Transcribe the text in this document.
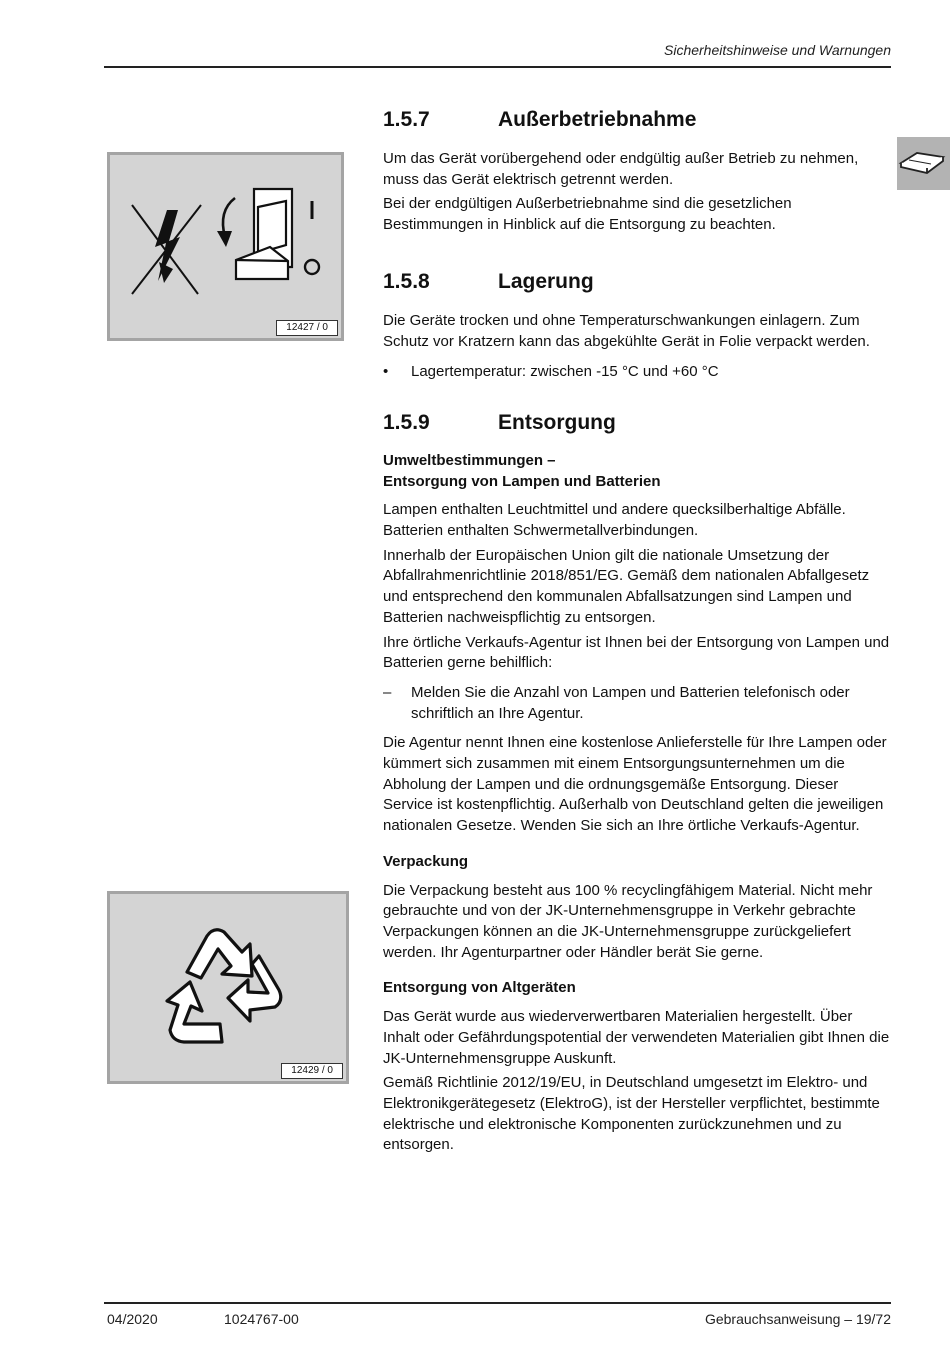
Sicherheitshinweise und Warnungen
12427 / 0
12429 / 0
1.5.7	Außerbetriebnahme

Um das Gerät vorübergehend oder endgültig außer Betrieb zu nehmen, muss das Gerät elektrisch getrennt werden.

Bei der endgültigen Außerbetriebnahme sind die gesetzlichen Bestimmungen in Hinblick auf die Entsorgung zu beachten.

1.5.8	Lagerung

Die Geräte trocken und ohne Temperaturschwankungen einlagern. Zum Schutz vor Kratzern kann das abgekühlte Gerät in Folie verpackt werden.

•	Lagertemperatur: zwischen -15 °C und +60 °C
1.5.9	Entsorgung
Umweltbestimmungen –
Entsorgung von Lampen und Batterien

Lampen enthalten Leuchtmittel und andere quecksilberhaltige Abfälle. Batterien enthalten Schwermetallverbindungen.

Innerhalb der Europäischen Union gilt die nationale Umsetzung der Abfallrahmenrichtlinie 2018/851/EG. Gemäß dem nationalen Abfallgesetz und entsprechend den kommunalen Abfallsatzungen sind Lampen und Batterien nachweispflichtig zu entsorgen.

Ihre örtliche Verkaufs-Agentur ist Ihnen bei der Entsorgung von Lampen und Batterien gerne behilflich:

–	Melden Sie die Anzahl von Lampen und Batterien telefonisch oder schriftlich an Ihre Agentur.

Die Agentur nennt Ihnen eine kostenlose Anlieferstelle für Ihre Lampen oder kümmert sich zusammen mit einem Entsorgungsunternehmen um die Abholung der Lampen und die ordnungsgemäße Entsorgung. Dieser Service ist kostenpflichtig. Außerhalb von Deutschland gelten die jeweiligen nationalen Gesetze. Wenden Sie sich an Ihre örtliche Verkaufs-Agentur.

Verpackung

Die Verpackung besteht aus 100 % recyclingfähigem Material. Nicht mehr gebrauchte und von der JK-Unternehmensgruppe in Verkehr gebrachte Verpackungen können an die JK-Unternehmensgruppe zurückgeliefert werden. Ihr Agenturpartner oder Händler berät Sie gerne.

Entsorgung von Altgeräten

Das Gerät wurde aus wiederverwertbaren Materialien hergestellt. Über Inhalt oder Gefährdungspotential der verwendeten Materialien gibt Ihnen die JK-Unternehmensgruppe Auskunft.

Gemäß Richtlinie 2012/19/EU, in Deutschland umgesetzt im Elektro- und Elektronikgerätegesetz (ElektroG), ist der Hersteller verpflichtet, bestimmte elektrische und elektronische Komponenten zurückzunehmen und zu entsorgen.

04/2020	1024767-00	Gebrauchsanweisung – 19/72
